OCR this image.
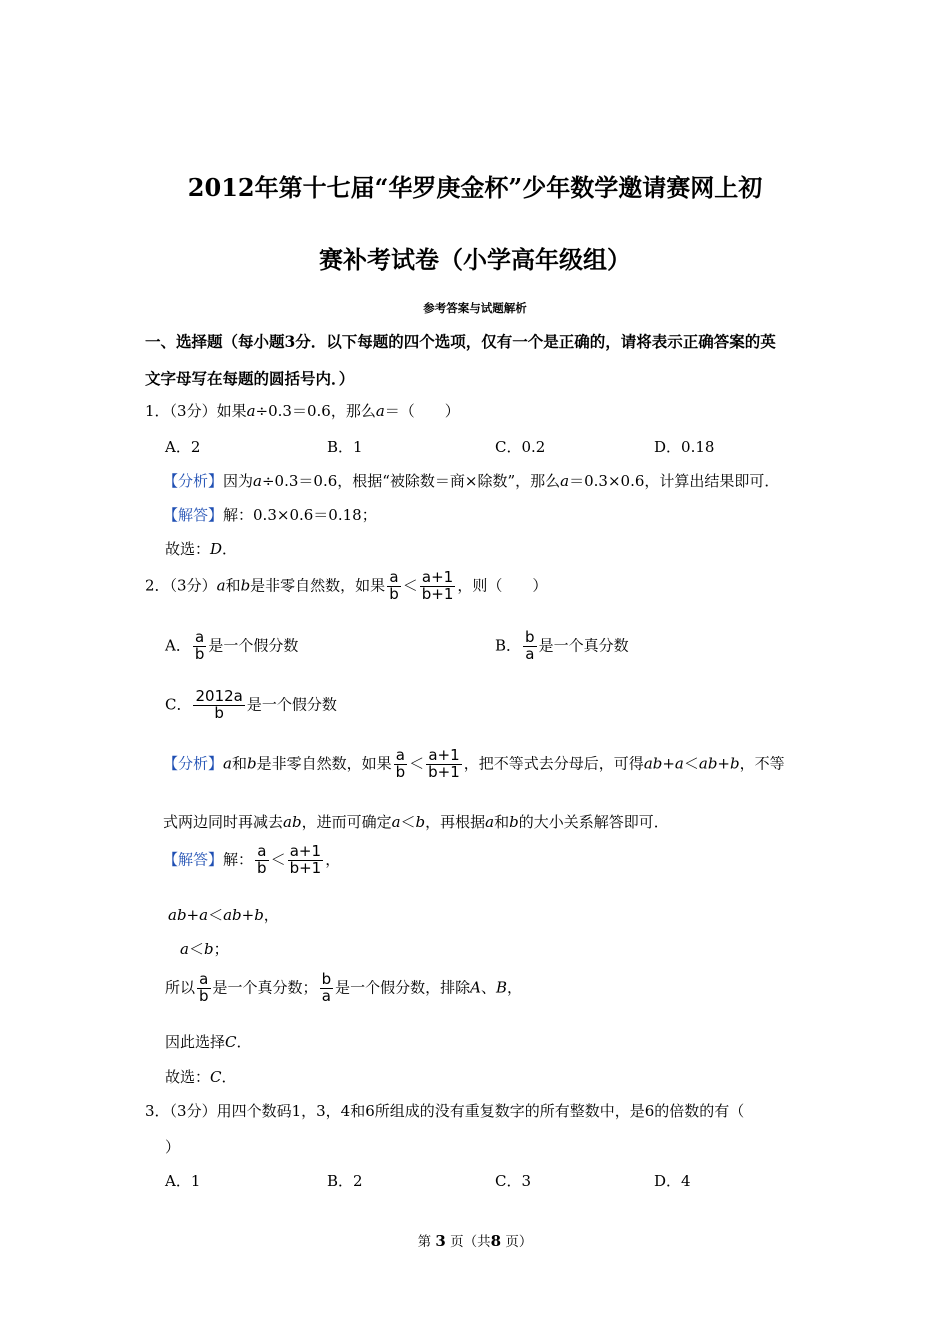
2012年第十七届“华罗庚金杯”少年数学邀请赛网上初
赛补考试卷（小学高年级组）
参考答案与试题解析
一、选择题（每小题3分．以下每题的四个选项，仅有一个是正确的，请将表示正确答案的英
文字母写在每题的圆括号内．）
1．（3分）如果a÷0.3＝0.6，那么a＝（　　）
A．2	B．1	C．0.2	D．0.18
【分析】因为a÷0.3＝0.6，根据“被除数＝商×除数”，那么a＝0.3×0.6，计算出结果即可．
【解答】解：0.3×0.6＝0.18；
故选：D．
2．（3分）a和b是非零自然数，如果 $\frac{a}{b} < \frac{a+1}{b+1}$ ，则（　　）
A． $\frac{a}{b}$ 是一个假分数	B． $\frac{b}{a}$ 是一个真分数
C． $\frac{2012a}{b}$ 是一个假分数
【分析】a和b是非零自然数，如果 $\frac{a}{b} < \frac{a+1}{b+1}$ ，把不等式去分母后，可得ab+a＜ab+b，不等
式两边同时再减去ab，进而可确定a＜b，再根据a和b的大小关系解答即可．
【解答】解： $\frac{a}{b} < \frac{a+1}{b+1}$ ，
ab+a＜ab+b，
a＜b；
所以 $\frac{a}{b}$ 是一个真分数； $\frac{b}{a}$ 是一个假分数，排除A、B，
因此选择C．
故选：C．
3．（3分）用四个数码1，3，4和6所组成的没有重复数字的所有整数中，是6的倍数的有（
）
A．1	B．2	C．3	D．4
第 3 页（共8 页）
